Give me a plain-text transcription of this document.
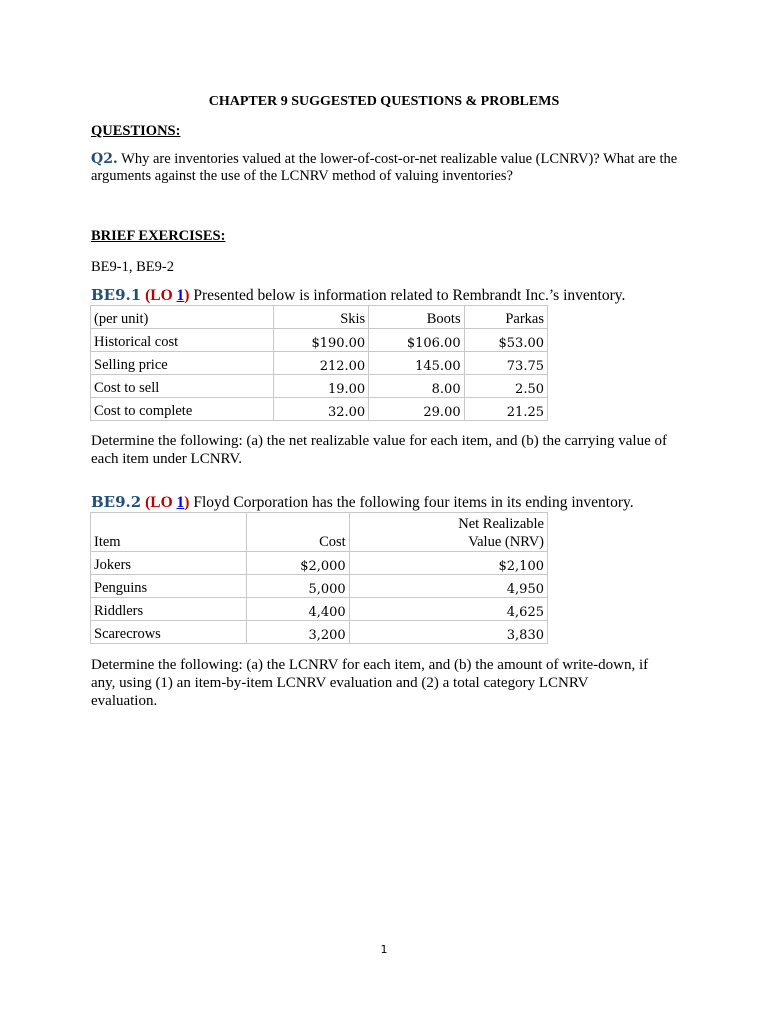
CHAPTER 9 SUGGESTED QUESTIONS & PROBLEMS
QUESTIONS:
Q2. Why are inventories valued at the lower-of-cost-or-net realizable value (LCNRV)? What are the arguments against the use of the LCNRV method of valuing inventories?
BRIEF EXERCISES:
BE9-1, BE9-2
BE9.1 (LO 1) Presented below is information related to Rembrandt Inc.’s inventory.
(per unit)	Skis	Boots	Parkas
Historical cost	$190.00	$106.00	$53.00
Selling price	212.00	145.00	73.75
Cost to sell	19.00	8.00	2.50
Cost to complete	32.00	29.00	21.25
Determine the following: (a) the net realizable value for each item, and (b) the carrying value of each item under LCNRV.
BE9.2 (LO 1) Floyd Corporation has the following four items in its ending inventory.
Item	Cost	Net Realizable
Value (NRV)
Jokers	$2,000	$2,100
Penguins	5,000	4,950
Riddlers	4,400	4,625
Scarecrows	3,200	3,830
Determine the following: (a) the LCNRV for each item, and (b) the amount of write-down, if any, using (1) an item-by-item LCNRV evaluation and (2) a total category LCNRV evaluation.
1
